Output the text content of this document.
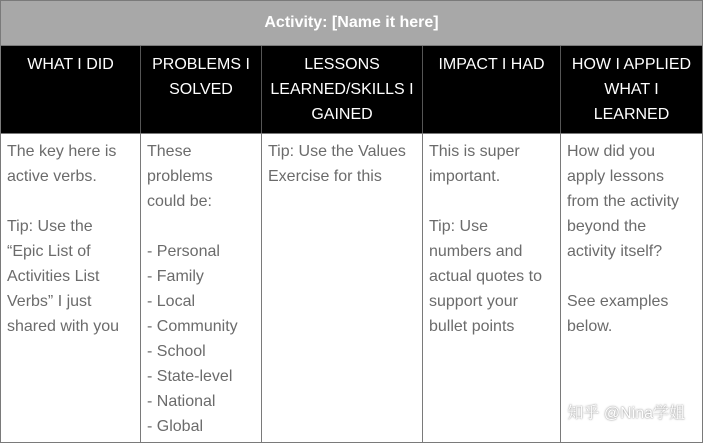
Activity: [Name it here]
WHAT I DID	PROBLEMS I SOLVED
LESSONS LEARNED/SKILLS I GAINED
IMPACT I HAD	HOW I APPLIED WHAT I LEARNED
The key here is
active verbs.

Tip: Use the
“Epic List of
Activities List
Verbs” I just
shared with you
These
problems
could be:

- Personal
- Family
- Local
- Community
- School
- State-level
- National
- Global
Tip: Use the Values
Exercise for this
This is super
important.

Tip: Use
numbers and
actual quotes to
support your
bullet points
How did you
apply lessons
from the activity
beyond the
activity itself?

See examples
below.
知乎 @Nina学姐
